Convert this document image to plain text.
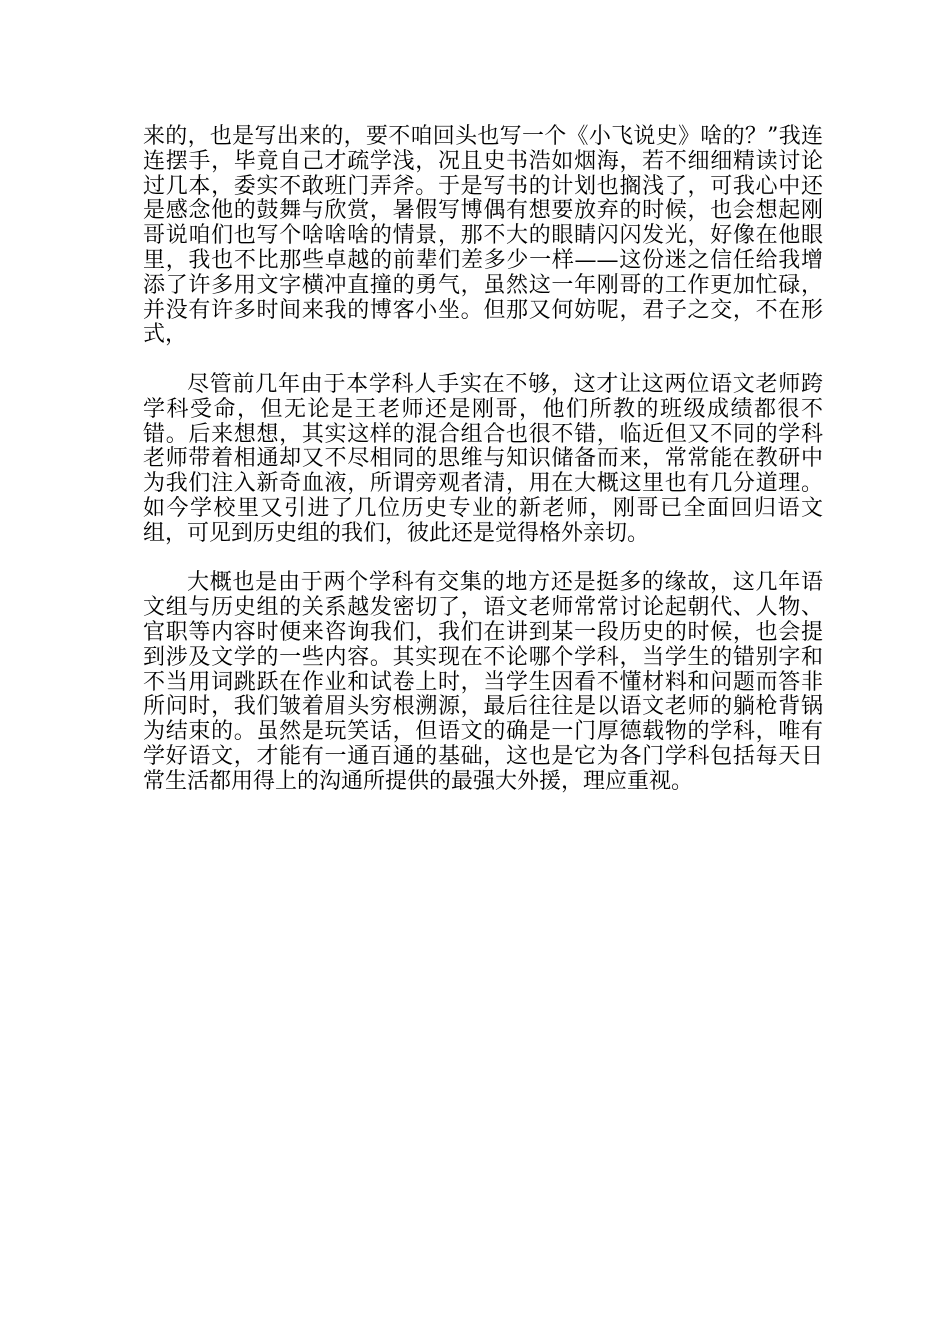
来的，也是写出来的，要不咱回头也写一个《小飞说史》啥的？”我连连摆手，毕竟自己才疏学浅，况且史书浩如烟海，若不细细精读讨论过几本，委实不敢班门弄斧。于是写书的计划也搁浅了，可我心中还是感念他的鼓舞与欣赏，暑假写博偶有想要放弃的时候，也会想起刚哥说咱们也写个啥啥啥的情景，那不大的眼睛闪闪发光，好像在他眼里，我也不比那些卓越的前辈们差多少一样——这份迷之信任给我增添了许多用文字横冲直撞的勇气，虽然这一年刚哥的工作更加忙碌，并没有许多时间来我的博客小坐。但那又何妨呢，君子之交，不在形式，

尽管前几年由于本学科人手实在不够，这才让这两位语文老师跨学科受命，但无论是王老师还是刚哥，他们所教的班级成绩都很不错。后来想想，其实这样的混合组合也很不错，临近但又不同的学科老师带着相通却又不尽相同的思维与知识储备而来，常常能在教研中为我们注入新奇血液，所谓旁观者清，用在大概这里也有几分道理。如今学校里又引进了几位历史专业的新老师，刚哥已全面回归语文组，可见到历史组的我们，彼此还是觉得格外亲切。

大概也是由于两个学科有交集的地方还是挺多的缘故，这几年语文组与历史组的关系越发密切了，语文老师常常讨论起朝代、人物、官职等内容时便来咨询我们，我们在讲到某一段历史的时候，也会提到涉及文学的一些内容。其实现在不论哪个学科，当学生的错别字和不当用词跳跃在作业和试卷上时，当学生因看不懂材料和问题而答非所问时，我们皱着眉头穷根溯源，最后往往是以语文老师的躺枪背锅为结束的。虽然是玩笑话，但语文的确是一门厚德载物的学科，唯有学好语文，才能有一通百通的基础，这也是它为各门学科包括每天日常生活都用得上的沟通所提供的最强大外援，理应重视。
